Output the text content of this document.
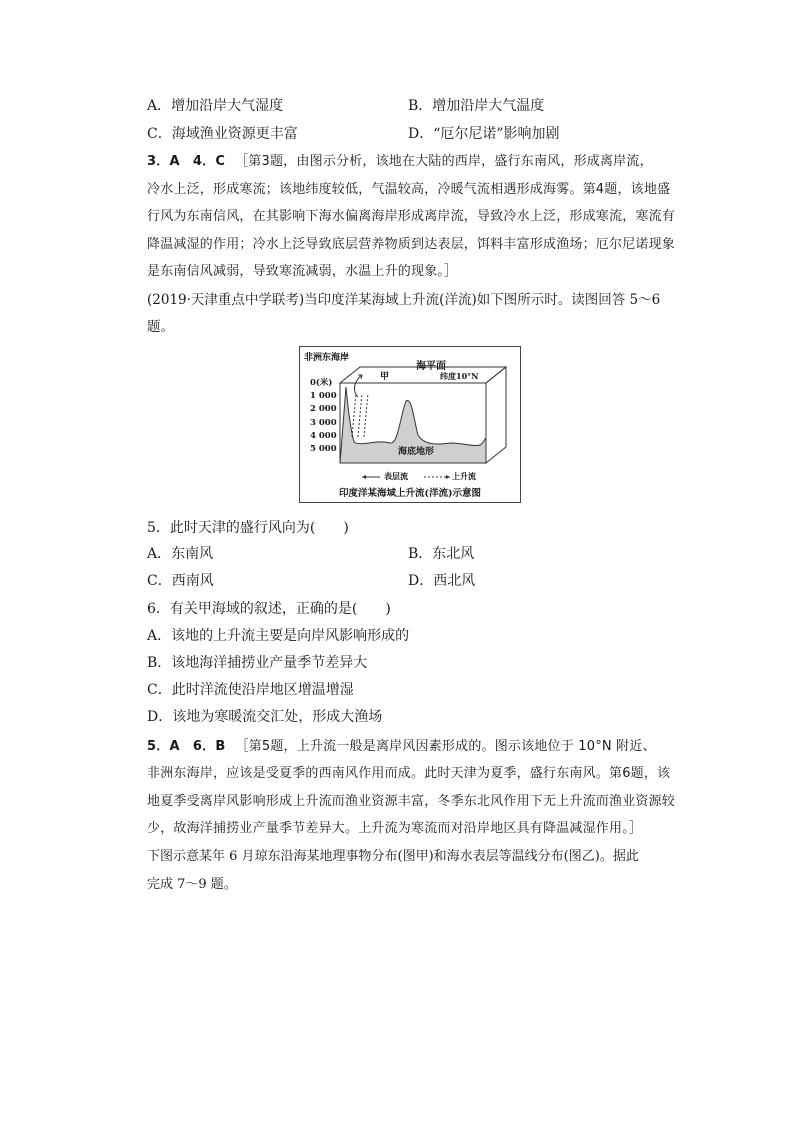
A．增加沿岸大气湿度	B．增加沿岸大气温度
C．海域渔业资源更丰富	D．“厄尔尼诺”影响加剧
3．A　4．C ［第3题，由图示分析，该地在大陆的西岸，盛行东南风，形成离岸流，
冷水上泛，形成寒流；该地纬度较低，气温较高，冷暖气流相遇形成海雾。第4题，该地盛
行风为东南信风，在其影响下海水偏离海岸形成离岸流，导致冷水上泛，形成寒流，寒流有
降温减湿的作用；冷水上泛导致底层营养物质到达表层，饵料丰富形成渔场；厄尔尼诺现象
是东南信风减弱，导致寒流减弱，水温上升的现象。］
(2019·天津重点中学联考)当印度洋某海域上升流(洋流)如下图所示时。读图回答 5～6
题。
非洲东海岸
甲
海平面
纬度10°N
0(米)
1 000
2 000
3 000
4 000
5 000	海底地形
表层流	上升流
印度洋某海域上升流(洋流)示意图
5．此时天津的盛行风向为(　　)
A．东南风	B．东北风
C．西南风	D．西北风
6．有关甲海域的叙述，正确的是(　　)
A．该地的上升流主要是向岸风影响形成的
B．该地海洋捕捞业产量季节差异大
C．此时洋流使沿岸地区增温增湿
D．该地为寒暖流交汇处，形成大渔场
5．A　6．B ［第5题，上升流一般是离岸风因素形成的。图示该地位于 10°N 附近、
非洲东海岸，应该是受夏季的西南风作用而成。此时天津为夏季，盛行东南风。第6题，该
地夏季受离岸风影响形成上升流而渔业资源丰富，冬季东北风作用下无上升流而渔业资源较
少，故海洋捕捞业产量季节差异大。上升流为寒流而对沿岸地区具有降温减湿作用。］
下图示意某年 6 月琼东沿海某地理事物分布(图甲)和海水表层等温线分布(图乙)。据此
完成 7～9 题。
